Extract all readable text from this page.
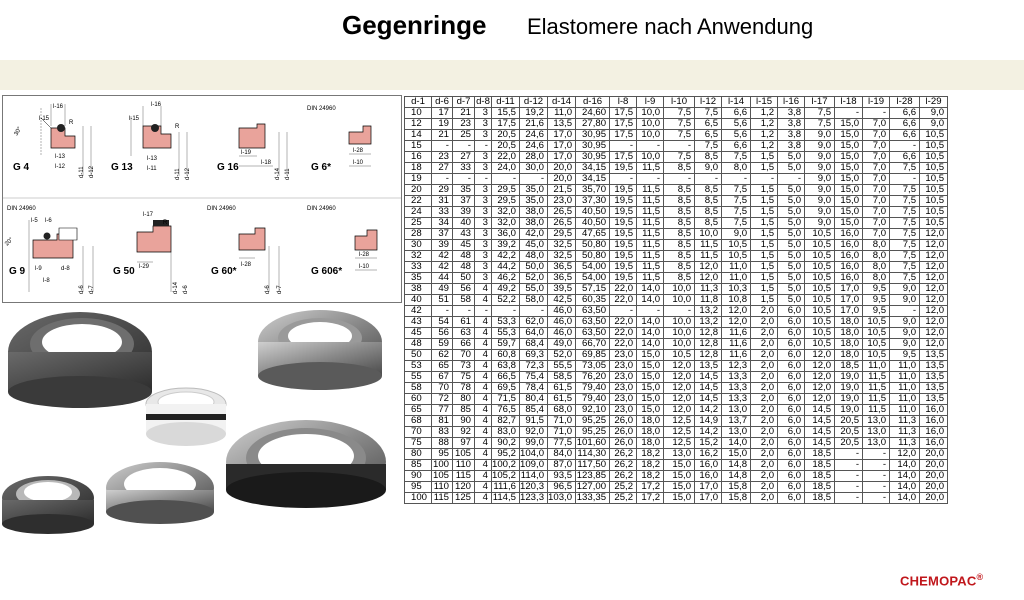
Gegenringe Elastomere nach Anwendung
30°
l-16
l-15
R
l-13
l-12 d-11 d-12
G 4
l-16
l-15
R
l-13
l-11	d-11 d-12
G 13
l-19
l-18
d-14 d-11
G 16
DIN 24960
l-28
l-10
G 6*
DIN 24960
l-5 l-6
20°
l-9	d-8
l-8
d-6 d-7
G 9
l-17
R
l-29
d-14 d-6
G 50
DIN 24960
l-28
d-6 d-7
G 60*
DIN 24960
l-28
l-10
G 606*
d-1	d-6	d-7	d-8	d-11	d-12	d-14	d-16	l-8	l-9	l-10	l-12	l-14	l-15	l-16	l-17	l-18	l-19	l-28	l-29
10	17	21	3	15,5	19,2	11,0	24,60	17,5	10,0	7,5	7,5	6,6	1,2	3,8	7,5	-	-	6,6	9,0
12	19	23	3	17,5	21,6	13,5	27,80	17,5	10,0	7,5	6,5	5,6	1,2	3,8	7,5	15,0	7,0	6,6	9,0
14	21	25	3	20,5	24,6	17,0	30,95	17,5	10,0	7,5	6,5	5,6	1,2	3,8	9,0	15,0	7,0	6,6	10,5
15	-	-	-	20,5	24,6	17,0	30,95	-	-	-	7,5	6,6	1,2	3,8	9,0	15,0	7,0	-	10,5
16	23	27	3	22,0	28,0	17,0	30,95	17,5	10,0	7,5	8,5	7,5	1,5	5,0	9,0	15,0	7,0	6,6	10,5
18	27	33	3	24,0	30,0	20,0	34,15	19,5	11,5	8,5	9,0	8,0	1,5	5,0	9,0	15,0	7,0	7,5	10,5
19	-	-	-	-	-	20,0	34,15	-	-	-	-	-	-	-	9,0	15,0	7,0	-	10,5
20	29	35	3	29,5	35,0	21,5	35,70	19,5	11,5	8,5	8,5	7,5	1,5	5,0	9,0	15,0	7,0	7,5	10,5
22	31	37	3	29,5	35,0	23,0	37,30	19,5	11,5	8,5	8,5	7,5	1,5	5,0	9,0	15,0	7,0	7,5	10,5
24	33	39	3	32,0	38,0	26,5	40,50	19,5	11,5	8,5	8,5	7,5	1,5	5,0	9,0	15,0	7,0	7,5	10,5
25	34	40	3	32,0	38,0	26,5	40,50	19,5	11,5	8,5	8,5	7,5	1,5	5,0	9,0	15,0	7,0	7,5	10,5
28	37	43	3	36,0	42,0	29,5	47,65	19,5	11,5	8,5	10,0	9,0	1,5	5,0	10,5	16,0	7,0	7,5	12,0
30	39	45	3	39,2	45,0	32,5	50,80	19,5	11,5	8,5	11,5	10,5	1,5	5,0	10,5	16,0	8,0	7,5	12,0
32	42	48	3	42,2	48,0	32,5	50,80	19,5	11,5	8,5	11,5	10,5	1,5	5,0	10,5	16,0	8,0	7,5	12,0
33	42	48	3	44,2	50,0	36,5	54,00	19,5	11,5	8,5	12,0	11,0	1,5	5,0	10,5	16,0	8,0	7,5	12,0
35	44	50	3	46,2	52,0	36,5	54,00	19,5	11,5	8,5	12,0	11,0	1,5	5,0	10,5	16,0	8,0	7,5	12,0
38	49	56	4	49,2	55,0	39,5	57,15	22,0	14,0	10,0	11,3	10,3	1,5	5,0	10,5	17,0	9,5	9,0	12,0
40	51	58	4	52,2	58,0	42,5	60,35	22,0	14,0	10,0	11,8	10,8	1,5	5,0	10,5	17,0	9,5	9,0	12,0
42	-	-	-	-	-	46,0	63,50	-	-	-	13,2	12,0	2,0	6,0	10,5	17,0	9,5	-	12,0
43	54	61	4	53,3	62,0	46,0	63,50	22,0	14,0	10,0	13,2	12,0	2,0	6,0	10,5	18,0	10,5	9,0	12,0
45	56	63	4	55,3	64,0	46,0	63,50	22,0	14,0	10,0	12,8	11,6	2,0	6,0	10,5	18,0	10,5	9,0	12,0
48	59	66	4	59,7	68,4	49,0	66,70	22,0	14,0	10,0	12,8	11,6	2,0	6,0	10,5	18,0	10,5	9,0	12,0
50	62	70	4	60,8	69,3	52,0	69,85	23,0	15,0	10,5	12,8	11,6	2,0	6,0	12,0	18,0	10,5	9,5	13,5
53	65	73	4	63,8	72,3	55,5	73,05	23,0	15,0	12,0	13,5	12,3	2,0	6,0	12,0	18,5	11,0	11,0	13,5
55	67	75	4	66,5	75,4	58,5	76,20	23,0	15,0	12,0	14,5	13,3	2,0	6,0	12,0	19,0	11,5	11,0	13,5
58	70	78	4	69,5	78,4	61,5	79,40	23,0	15,0	12,0	14,5	13,3	2,0	6,0	12,0	19,0	11,5	11,0	13,5
60	72	80	4	71,5	80,4	61,5	79,40	23,0	15,0	12,0	14,5	13,3	2,0	6,0	12,0	19,0	11,5	11,0	13,5
65	77	85	4	76,5	85,4	68,0	92,10	23,0	15,0	12,0	14,2	13,0	2,0	6,0	14,5	19,0	11,5	11,0	16,0
68	81	90	4	82,7	91,5	71,0	95,25	26,0	18,0	12,5	14,9	13,7	2,0	6,0	14,5	20,5	13,0	11,3	16,0
70	83	92	4	83,0	92,0	71,0	95,25	26,0	18,0	12,5	14,2	13,0	2,0	6,0	14,5	20,5	13,0	11,3	16,0
75	88	97	4	90,2	99,0	77,5	101,60	26,0	18,0	12,5	15,2	14,0	2,0	6,0	14,5	20,5	13,0	11,3	16,0
80	95	105	4	95,2	104,0	84,0	114,30	26,2	18,2	13,0	16,2	15,0	2,0	6,0	18,5	-	-	12,0	20,0
85	100	110	4	100,2	109,0	87,0	117,50	26,2	18,2	15,0	16,0	14,8	2,0	6,0	18,5	-	-	14,0	20,0
90	105	115	4	105,2	114,0	93,5	123,85	26,2	18,2	15,0	16,0	14,8	2,0	6,0	18,5	-	-	14,0	20,0
95	110	120	4	111,6	120,3	96,5	127,00	25,2	17,2	15,0	17,0	15,8	2,0	6,0	18,5	-	-	14,0	20,0
100	115	125	4	114,5	123,3	103,0	133,35	25,2	17,2	15,0	17,0	15,8	2,0	6,0	18,5	-	-	14,0	20,0
CHEMOPAC®
